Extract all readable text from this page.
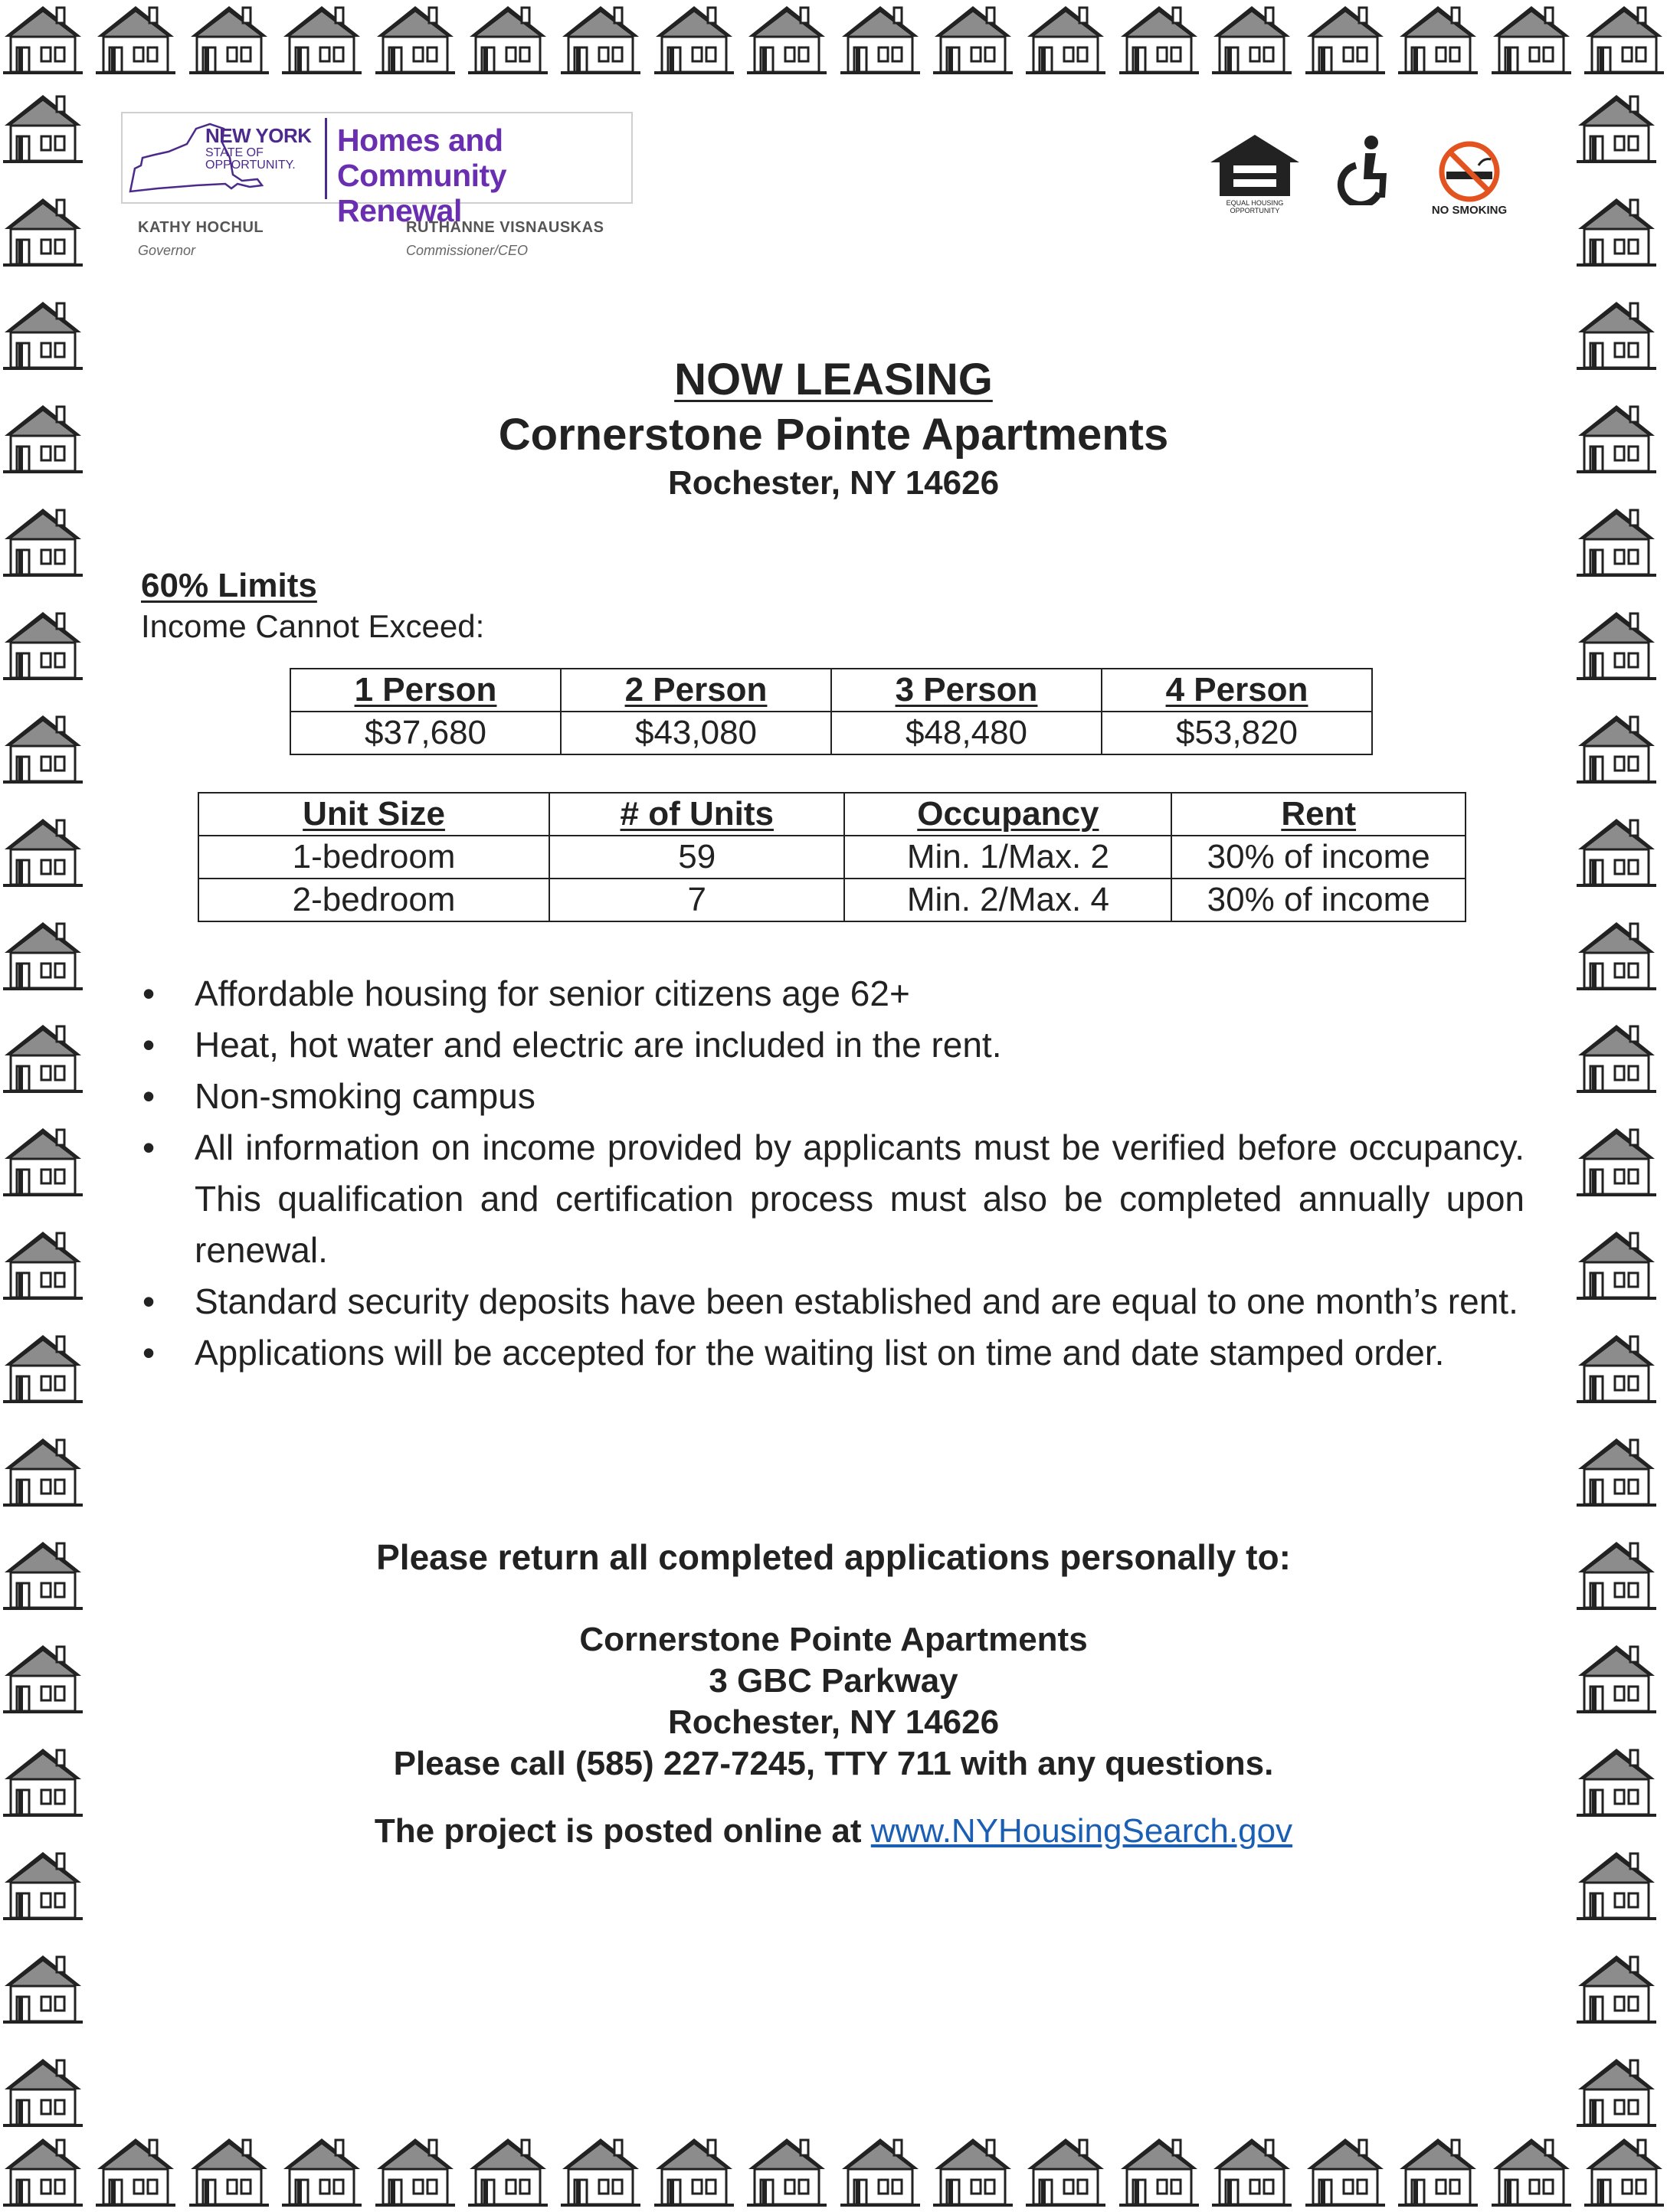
NEW YORK
STATE OF
OPPORTUNITY.
Homes and
Community Renewal
KATHY HOCHUL
Governor
RUTHANNE VISNAUSKAS
Commissioner/CEO
EQUAL HOUSING
OPPORTUNITY	NO SMOKING
NOW LEASING
Cornerstone Pointe Apartments
Rochester, NY 14626
60% Limits
Income Cannot Exceed:
1 Person	2 Person	3 Person	4 Person
$37,680	$43,080	$48,480	$53,820
Unit Size	# of Units	Occupancy	Rent
1-bedroom	59	Min. 1/Max. 2	30% of income
2-bedroom	7	Min. 2/Max. 4	30% of income
• Affordable housing for senior citizens age 62+
• Heat, hot water and electric are included in the rent.
• Non-smoking campus
• All information on income provided by applicants must be verified before occupancy. This qualification and certification process must also be completed annually upon renewal.
• Standard security deposits have been established and are equal to one month’s rent.
• Applications will be accepted for the waiting list on time and date stamped order.
Please return all completed applications personally to:
Cornerstone Pointe Apartments
3 GBC Parkway
Rochester, NY 14626
Please call (585) 227-7245, TTY 711 with any questions.
The project is posted online at www.NYHousingSearch.gov
